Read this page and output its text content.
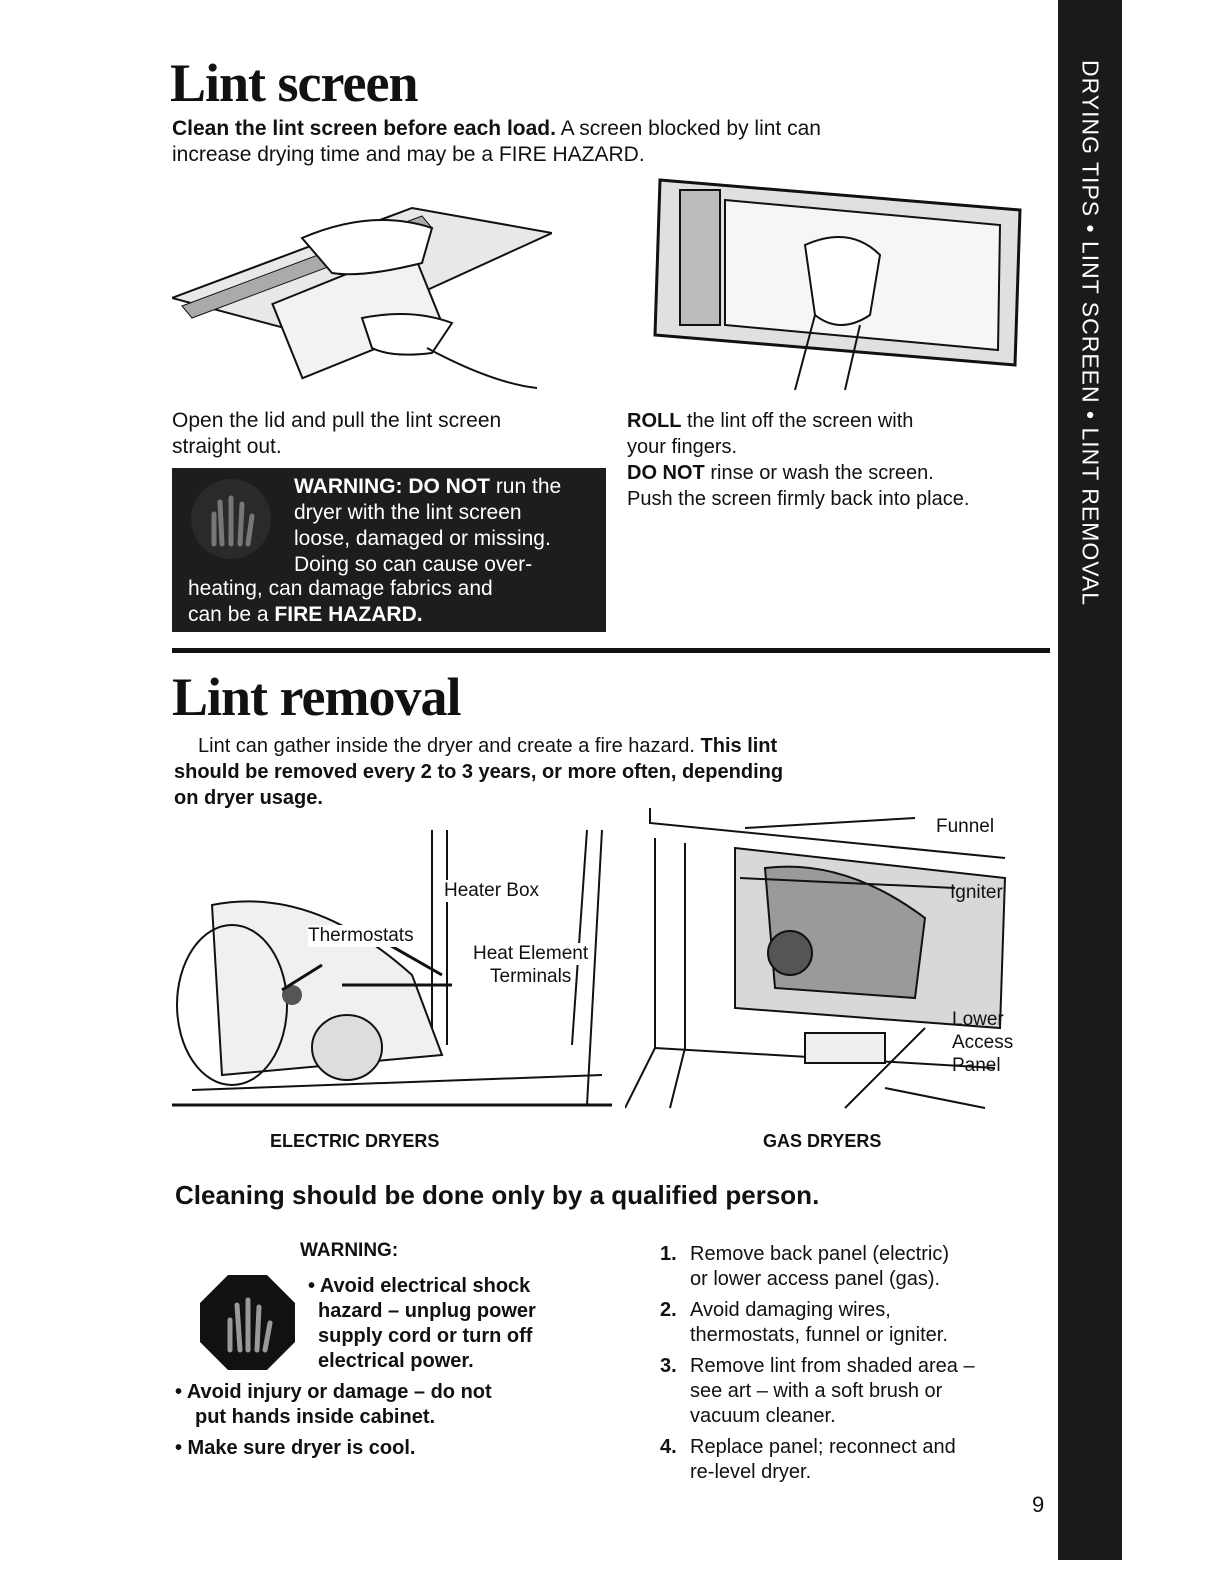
DRYING TIPS • LINT SCREEN • LINT REMOVAL
Lint screen
Clean the lint screen before each load. A screen blocked by lint can
increase drying time and may be a FIRE HAZARD.
Open the lid and pull the lint screen
straight out.
WARNING: DO NOT run the
dryer with the lint screen
loose, damaged or missing.
Doing so can cause over-
heating, can damage fabrics and
can be a FIRE HAZARD.
ROLL the lint off the screen with
your fingers.
DO NOT rinse or wash the screen.
Push the screen firmly back into place.
Lint removal
Lint can gather inside the dryer and create a fire hazard. This lint
should be removed every 2 to 3 years, or more often, depending
on dryer usage.
Heater Box
Thermostats
Heat Element
Terminals
Funnel
Igniter
Lower
Access
Panel
ELECTRIC DRYERS	GAS DRYERS
Cleaning should be done only by a qualified person.
WARNING:
• Avoid electrical shock
hazard – unplug power
supply cord or turn off
electrical power.
• Avoid injury or damage – do not
put hands inside cabinet.
• Make sure dryer is cool.
1. Remove back panel (electric)
or lower access panel (gas).
2. Avoid damaging wires,
thermostats, funnel or igniter.
3. Remove lint from shaded area –
see art – with a soft brush or
vacuum cleaner.
4. Replace panel; reconnect and
re-level dryer.
9
